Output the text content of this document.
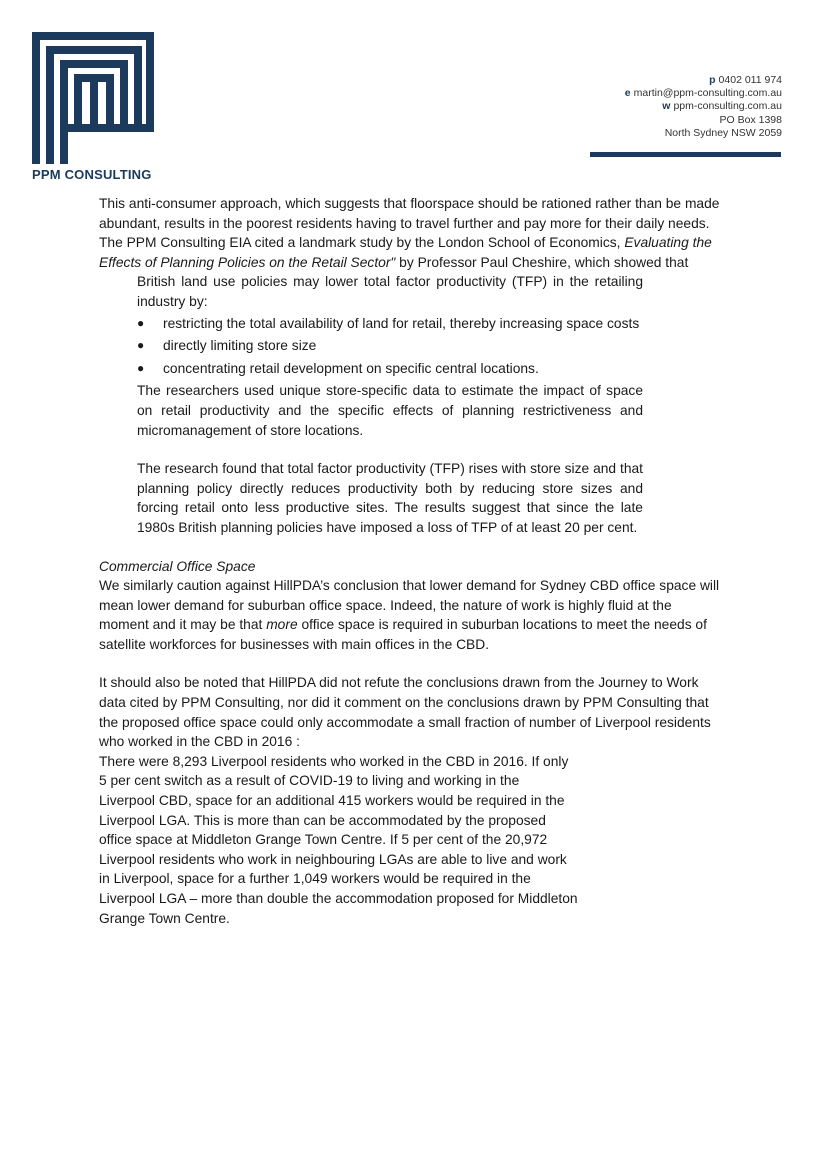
PPM CONSULTING
p 0402 011 974
e martin@ppm-consulting.com.au
w ppm-consulting.com.au
PO Box 1398
North Sydney NSW 2059

This anti-consumer approach, which suggests that floorspace should be rationed rather than be made abundant, results in the poorest residents having to travel further and pay more for their daily needs. The PPM Consulting EIA cited a landmark study by the London School of Economics, Evaluating the Effects of Planning Policies on the Retail Sector" by Professor Paul Cheshire, which showed that

British land use policies may lower total factor productivity (TFP) in the retailing industry by:

● restricting the total availability of land for retail, thereby increasing space costs
● directly limiting store size
● concentrating retail development on specific central locations.

The researchers used unique store-specific data to estimate the impact of space on retail productivity and the specific effects of planning restrictiveness and micromanagement of store locations.

The research found that total factor productivity (TFP) rises with store size and that planning policy directly reduces productivity both by reducing store sizes and forcing retail onto less productive sites. The results suggest that since the late 1980s British planning policies have imposed a loss of TFP of at least 20 per cent.

Commercial Office Space

We similarly caution against HillPDA’s conclusion that lower demand for Sydney CBD office space will mean lower demand for suburban office space. Indeed, the nature of work is highly fluid at the moment and it may be that more office space is required in suburban locations to meet the needs of satellite workforces for businesses with main offices in the CBD.

It should also be noted that HillPDA did not refute the conclusions drawn from the Journey to Work data cited by PPM Consulting, nor did it comment on the conclusions drawn by PPM Consulting that the proposed office space could only accommodate a small fraction of number of Liverpool residents who worked in the CBD in 2016 :

There were 8,293 Liverpool residents who worked in the CBD in 2016. If only 5 per cent switch as a result of COVID-19 to living and working in the Liverpool CBD, space for an additional 415 workers would be required in the Liverpool LGA. This is more than can be accommodated by the proposed office space at Middleton Grange Town Centre. If 5 per cent of the 20,972 Liverpool residents who work in neighbouring LGAs are able to live and work in Liverpool, space for a further 1,049 workers would be required in the Liverpool LGA – more than double the accommodation proposed for Middleton Grange Town Centre.
